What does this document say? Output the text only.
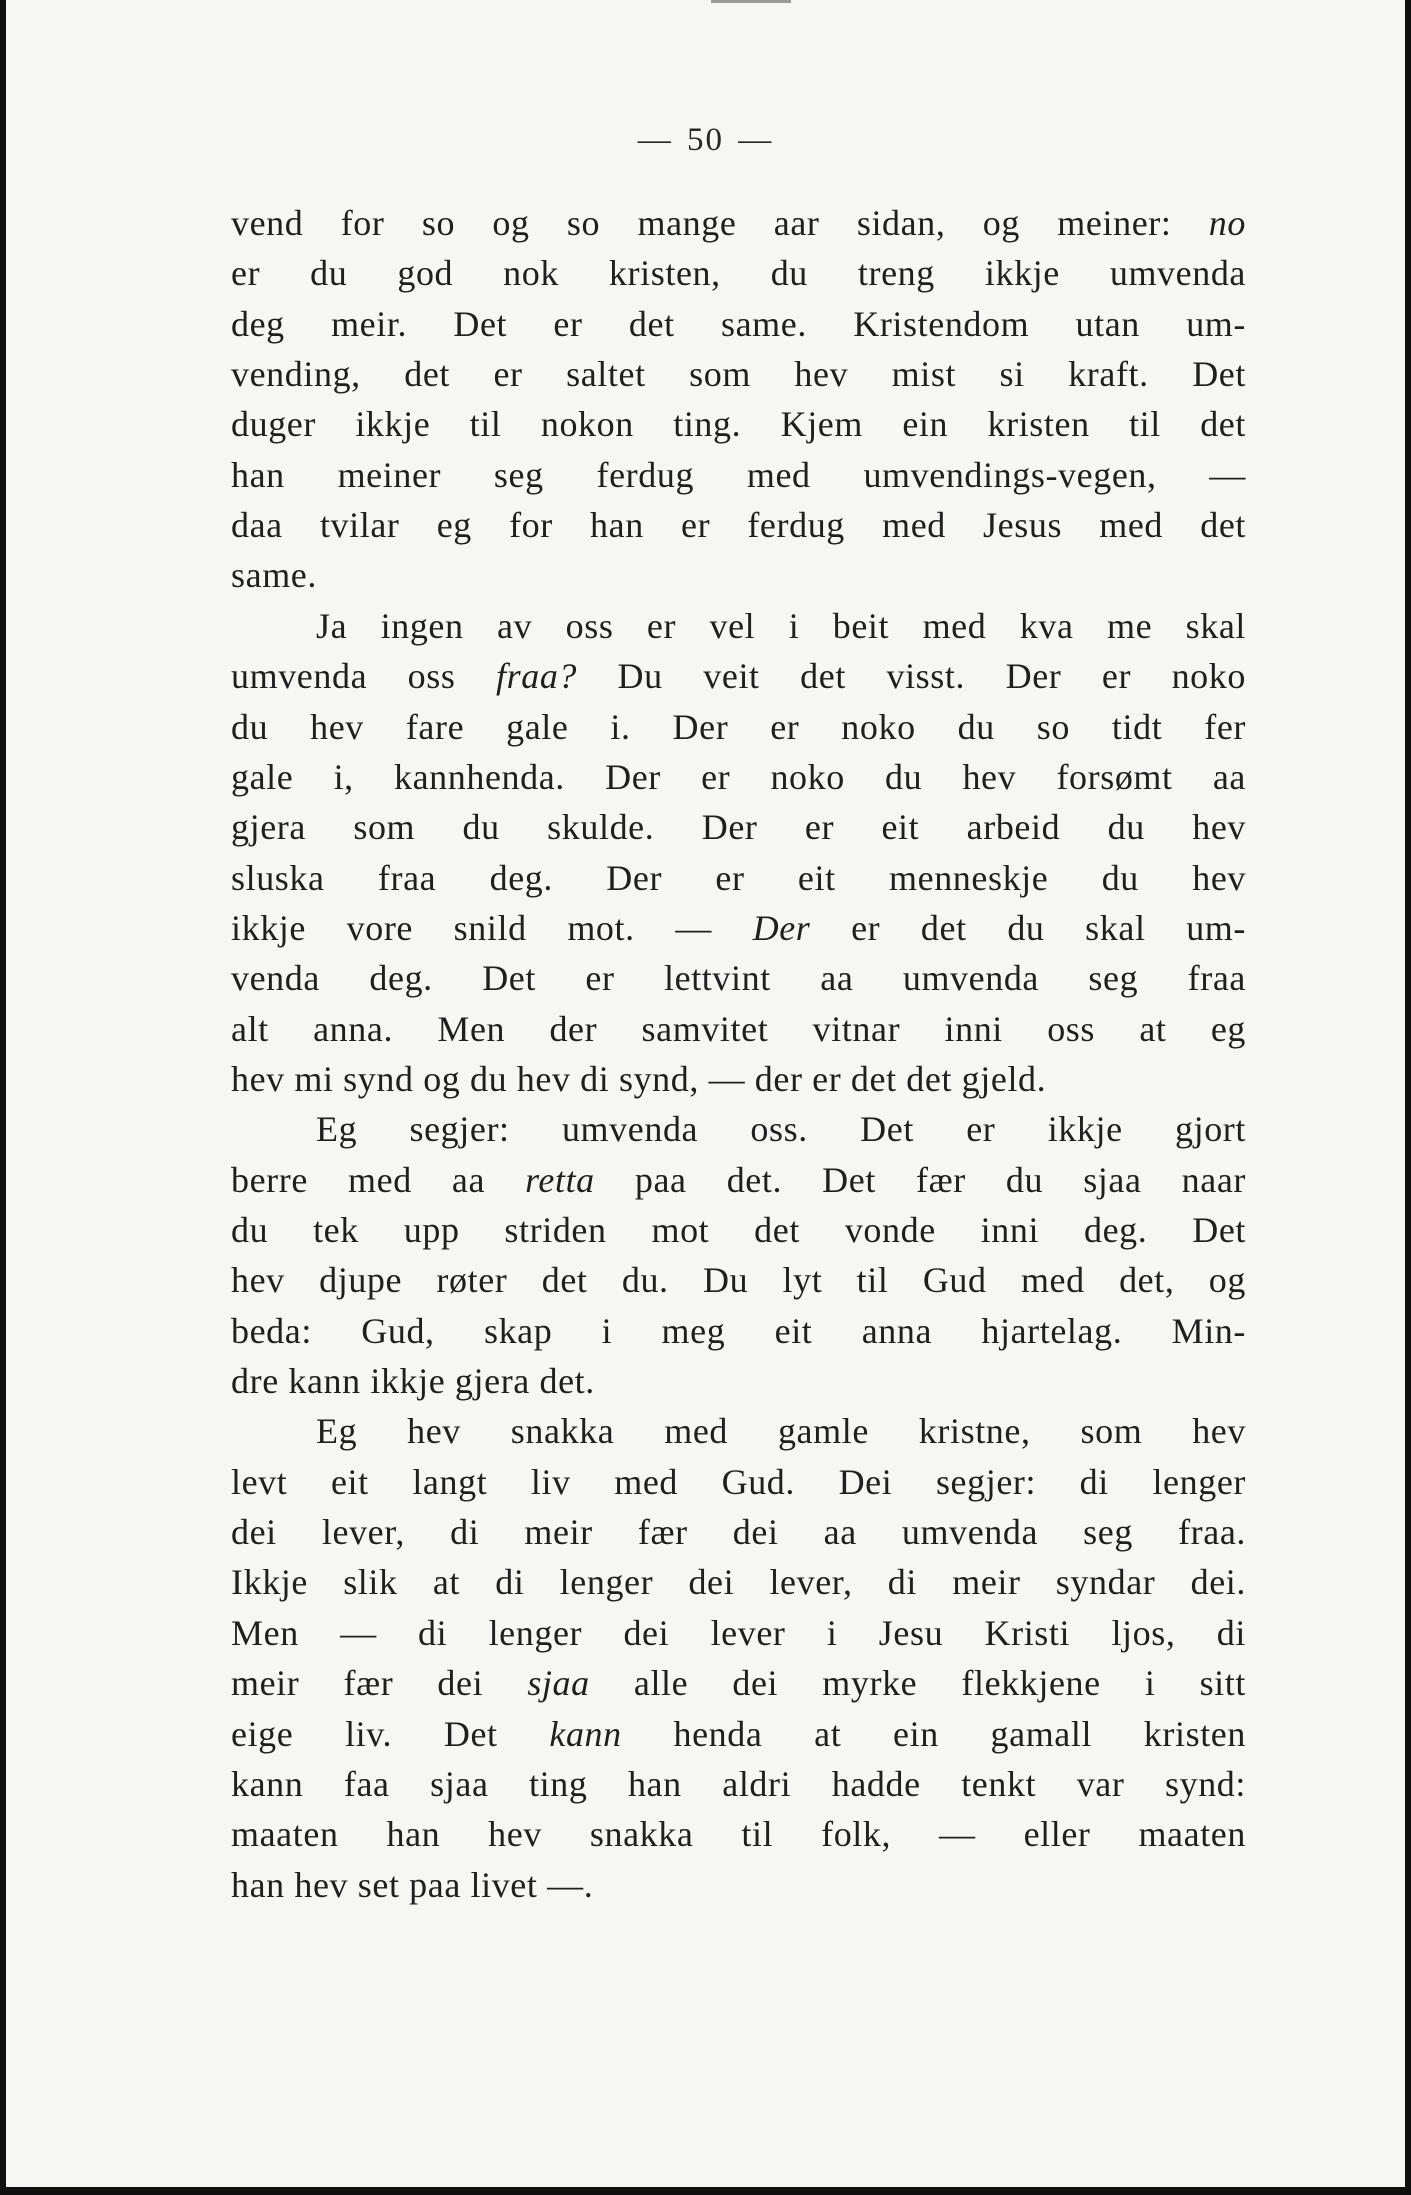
— 50 —
vend for so og so mange aar sidan, og meiner: no
er du god nok kristen, du treng ikkje umvenda
deg meir. Det er det same. Kristendom utan um-
vending, det er saltet som hev mist si kraft. Det
duger ikkje til nokon ting. Kjem ein kristen til det
han meiner seg ferdug med umvendings-vegen, —
daa tvilar eg for han er ferdug med Jesus med det
same.
Ja ingen av oss er vel i beit med kva me skal
umvenda oss fraa? Du veit det visst. Der er noko
du hev fare gale i. Der er noko du so tidt fer
gale i, kannhenda. Der er noko du hev forsømt aa
gjera som du skulde. Der er eit arbeid du hev
sluska fraa deg. Der er eit menneskje du hev
ikkje vore snild mot. — Der er det du skal um-
venda deg. Det er lettvint aa umvenda seg fraa
alt anna. Men der samvitet vitnar inni oss at eg
hev mi synd og du hev di synd, — der er det det gjeld.
Eg segjer: umvenda oss. Det er ikkje gjort
berre med aa retta paa det. Det fær du sjaa naar
du tek upp striden mot det vonde inni deg. Det
hev djupe røter det du. Du lyt til Gud med det, og
beda: Gud, skap i meg eit anna hjartelag. Min-
dre kann ikkje gjera det.
Eg hev snakka med gamle kristne, som hev
levt eit langt liv med Gud. Dei segjer: di lenger
dei lever, di meir fær dei aa umvenda seg fraa.
Ikkje slik at di lenger dei lever, di meir syndar dei.
Men — di lenger dei lever i Jesu Kristi ljos, di
meir fær dei sjaa alle dei myrke flekkjene i sitt
eige liv. Det kann henda at ein gamall kristen
kann faa sjaa ting han aldri hadde tenkt var synd:
maaten han hev snakka til folk, — eller maaten
han hev set paa livet —.
